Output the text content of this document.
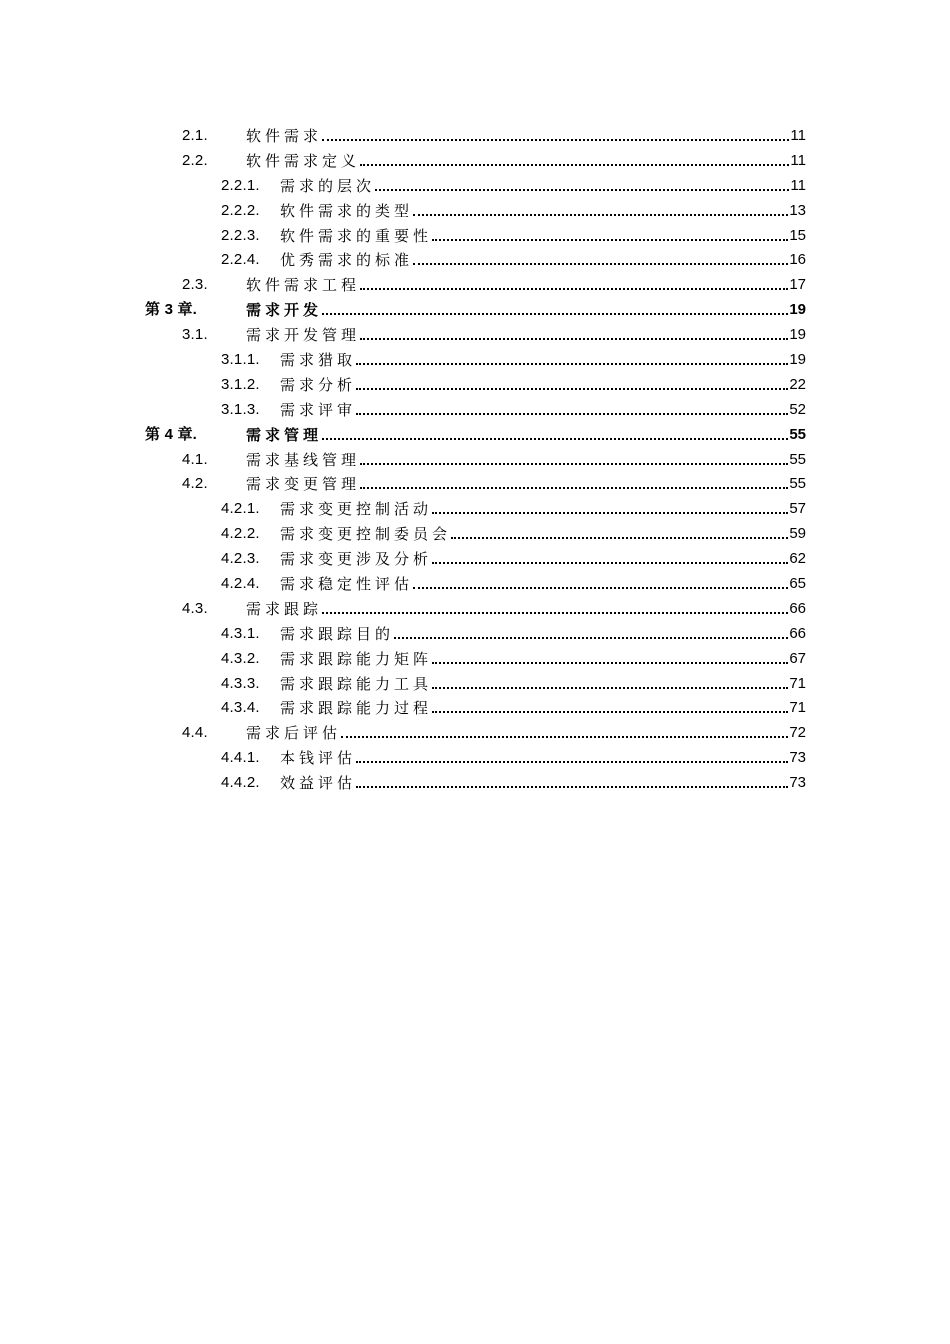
2.1.	软件需求	11
2.2.	软件需求定义	11
2.2.1. 需求的层次	11
2.2.2. 软件需求的类型	13
2.2.3. 软件需求的重要性	15
2.2.4. 优秀需求的标准	16
2.3.	软件需求工程	17
第 3 章.	需求开发	19
3.1.	需求开发管理	19
3.1.1. 需求猎取	19
3.1.2. 需求分析	22
3.1.3. 需求评审	52
第 4 章.	需求管理	55
4.1.	需求基线管理	55
4.2.	需求变更管理	55
4.2.1. 需求变更控制活动	57
4.2.2. 需求变更控制委员会	59
4.2.3. 需求变更涉及分析	62
4.2.4. 需求稳定性评估	65
4.3.	需求跟踪	66
4.3.1. 需求跟踪目的	66
4.3.2. 需求跟踪能力矩阵	67
4.3.3. 需求跟踪能力工具	71
4.3.4. 需求跟踪能力过程	71
4.4.	需求后评估	72
4.4.1. 本钱评估	73
4.4.2. 效益评估	73
